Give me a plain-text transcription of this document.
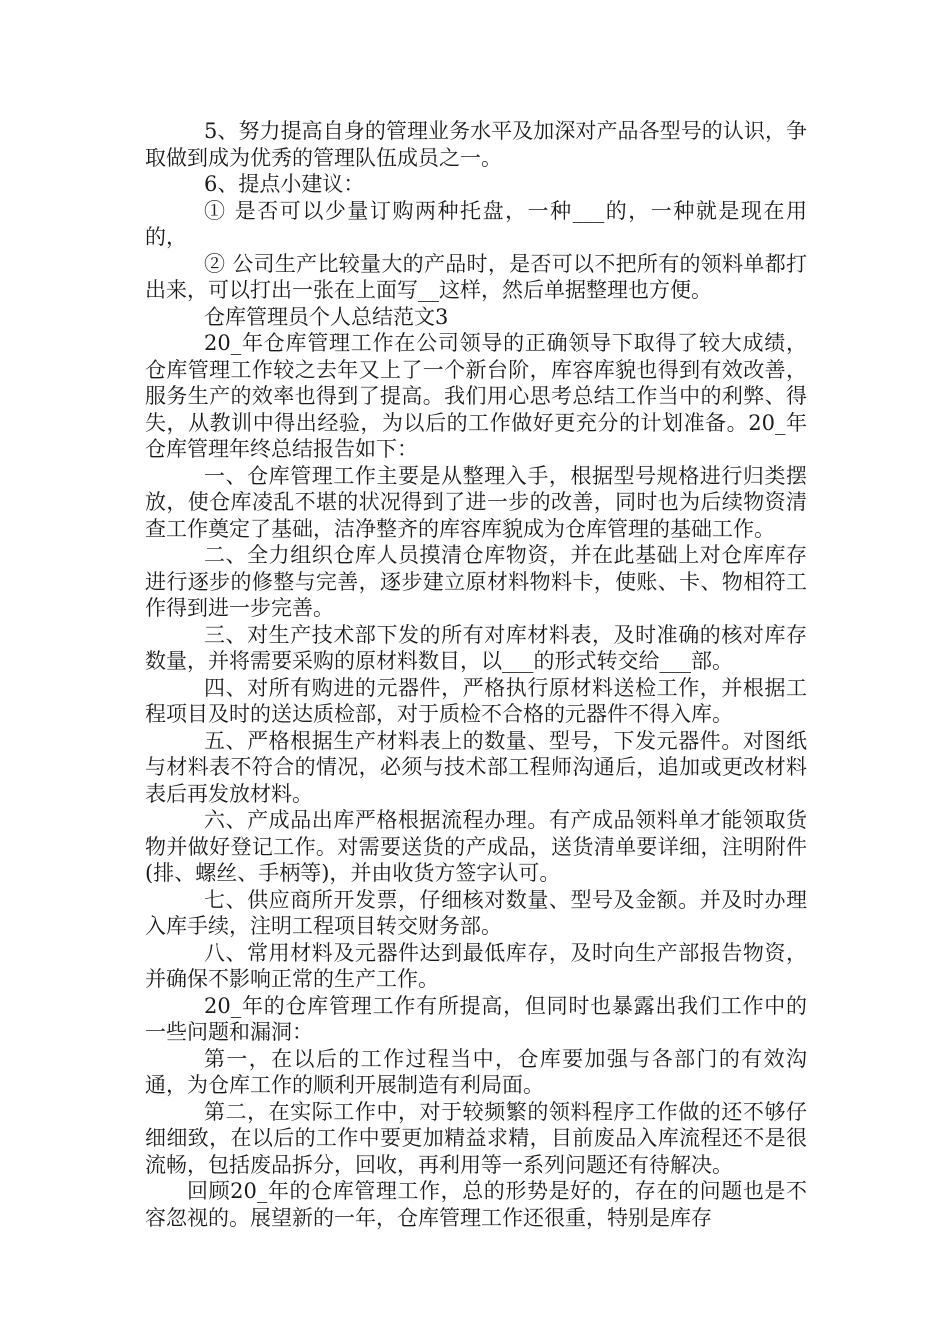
5、努力提高自身的管理业务水平及加深对产品各型号的认识，争取做到成为优秀的管理队伍成员之一。

6、提点小建议：

① 是否可以少量订购两种托盘，一种___的，一种就是现在用的，

② 公司生产比较量大的产品时，是否可以不把所有的领料单都打出来，可以打出一张在上面写__这样，然后单据整理也方便。

仓库管理员个人总结范文3

20_年仓库管理工作在公司领导的正确领导下取得了较大成绩，仓库管理工作较之去年又上了一个新台阶，库容库貌也得到有效改善，服务生产的效率也得到了提高。我们用心思考总结工作当中的利弊、得失，从教训中得出经验，为以后的工作做好更充分的计划准备。20_年仓库管理年终总结报告如下：

一、仓库管理工作主要是从整理入手，根据型号规格进行归类摆放，使仓库凌乱不堪的状况得到了进一步的改善，同时也为后续物资清查工作奠定了基础，洁净整齐的库容库貌成为仓库管理的基础工作。

二、全力组织仓库人员摸清仓库物资，并在此基础上对仓库库存进行逐步的修整与完善，逐步建立原材料物料卡，使账、卡、物相符工作得到进一步完善。

三、对生产技术部下发的所有对库材料表，及时准确的核对库存数量，并将需要采购的原材料数目，以___的形式转交给___部。

四、对所有购进的元器件，严格执行原材料送检工作，并根据工程项目及时的送达质检部，对于质检不合格的元器件不得入库。

五、严格根据生产材料表上的数量、型号，下发元器件。对图纸与材料表不符合的情况，必须与技术部工程师沟通后，追加或更改材料表后再发放材料。

六、产成品出库严格根据流程办理。有产成品领料单才能领取货物并做好登记工作。对需要送货的产成品，送货清单要详细，注明附件(排、螺丝、手柄等)，并由收货方签字认可。

七、供应商所开发票，仔细核对数量、型号及金额。并及时办理入库手续，注明工程项目转交财务部。

八、常用材料及元器件达到最低库存，及时向生产部报告物资，并确保不影响正常的生产工作。

20_年的仓库管理工作有所提高，但同时也暴露出我们工作中的一些问题和漏洞：

第一，在以后的工作过程当中，仓库要加强与各部门的有效沟通，为仓库工作的顺利开展制造有利局面。

第二，在实际工作中，对于较频繁的领料程序工作做的还不够仔细细致，在以后的工作中要更加精益求精，目前废品入库流程还不是很流畅，包括废品拆分，回收，再利用等一系列问题还有待解决。

回顾20_年的仓库管理工作，总的形势是好的，存在的问题也是不容忽视的。展望新的一年，仓库管理工作还很重，特别是库存
